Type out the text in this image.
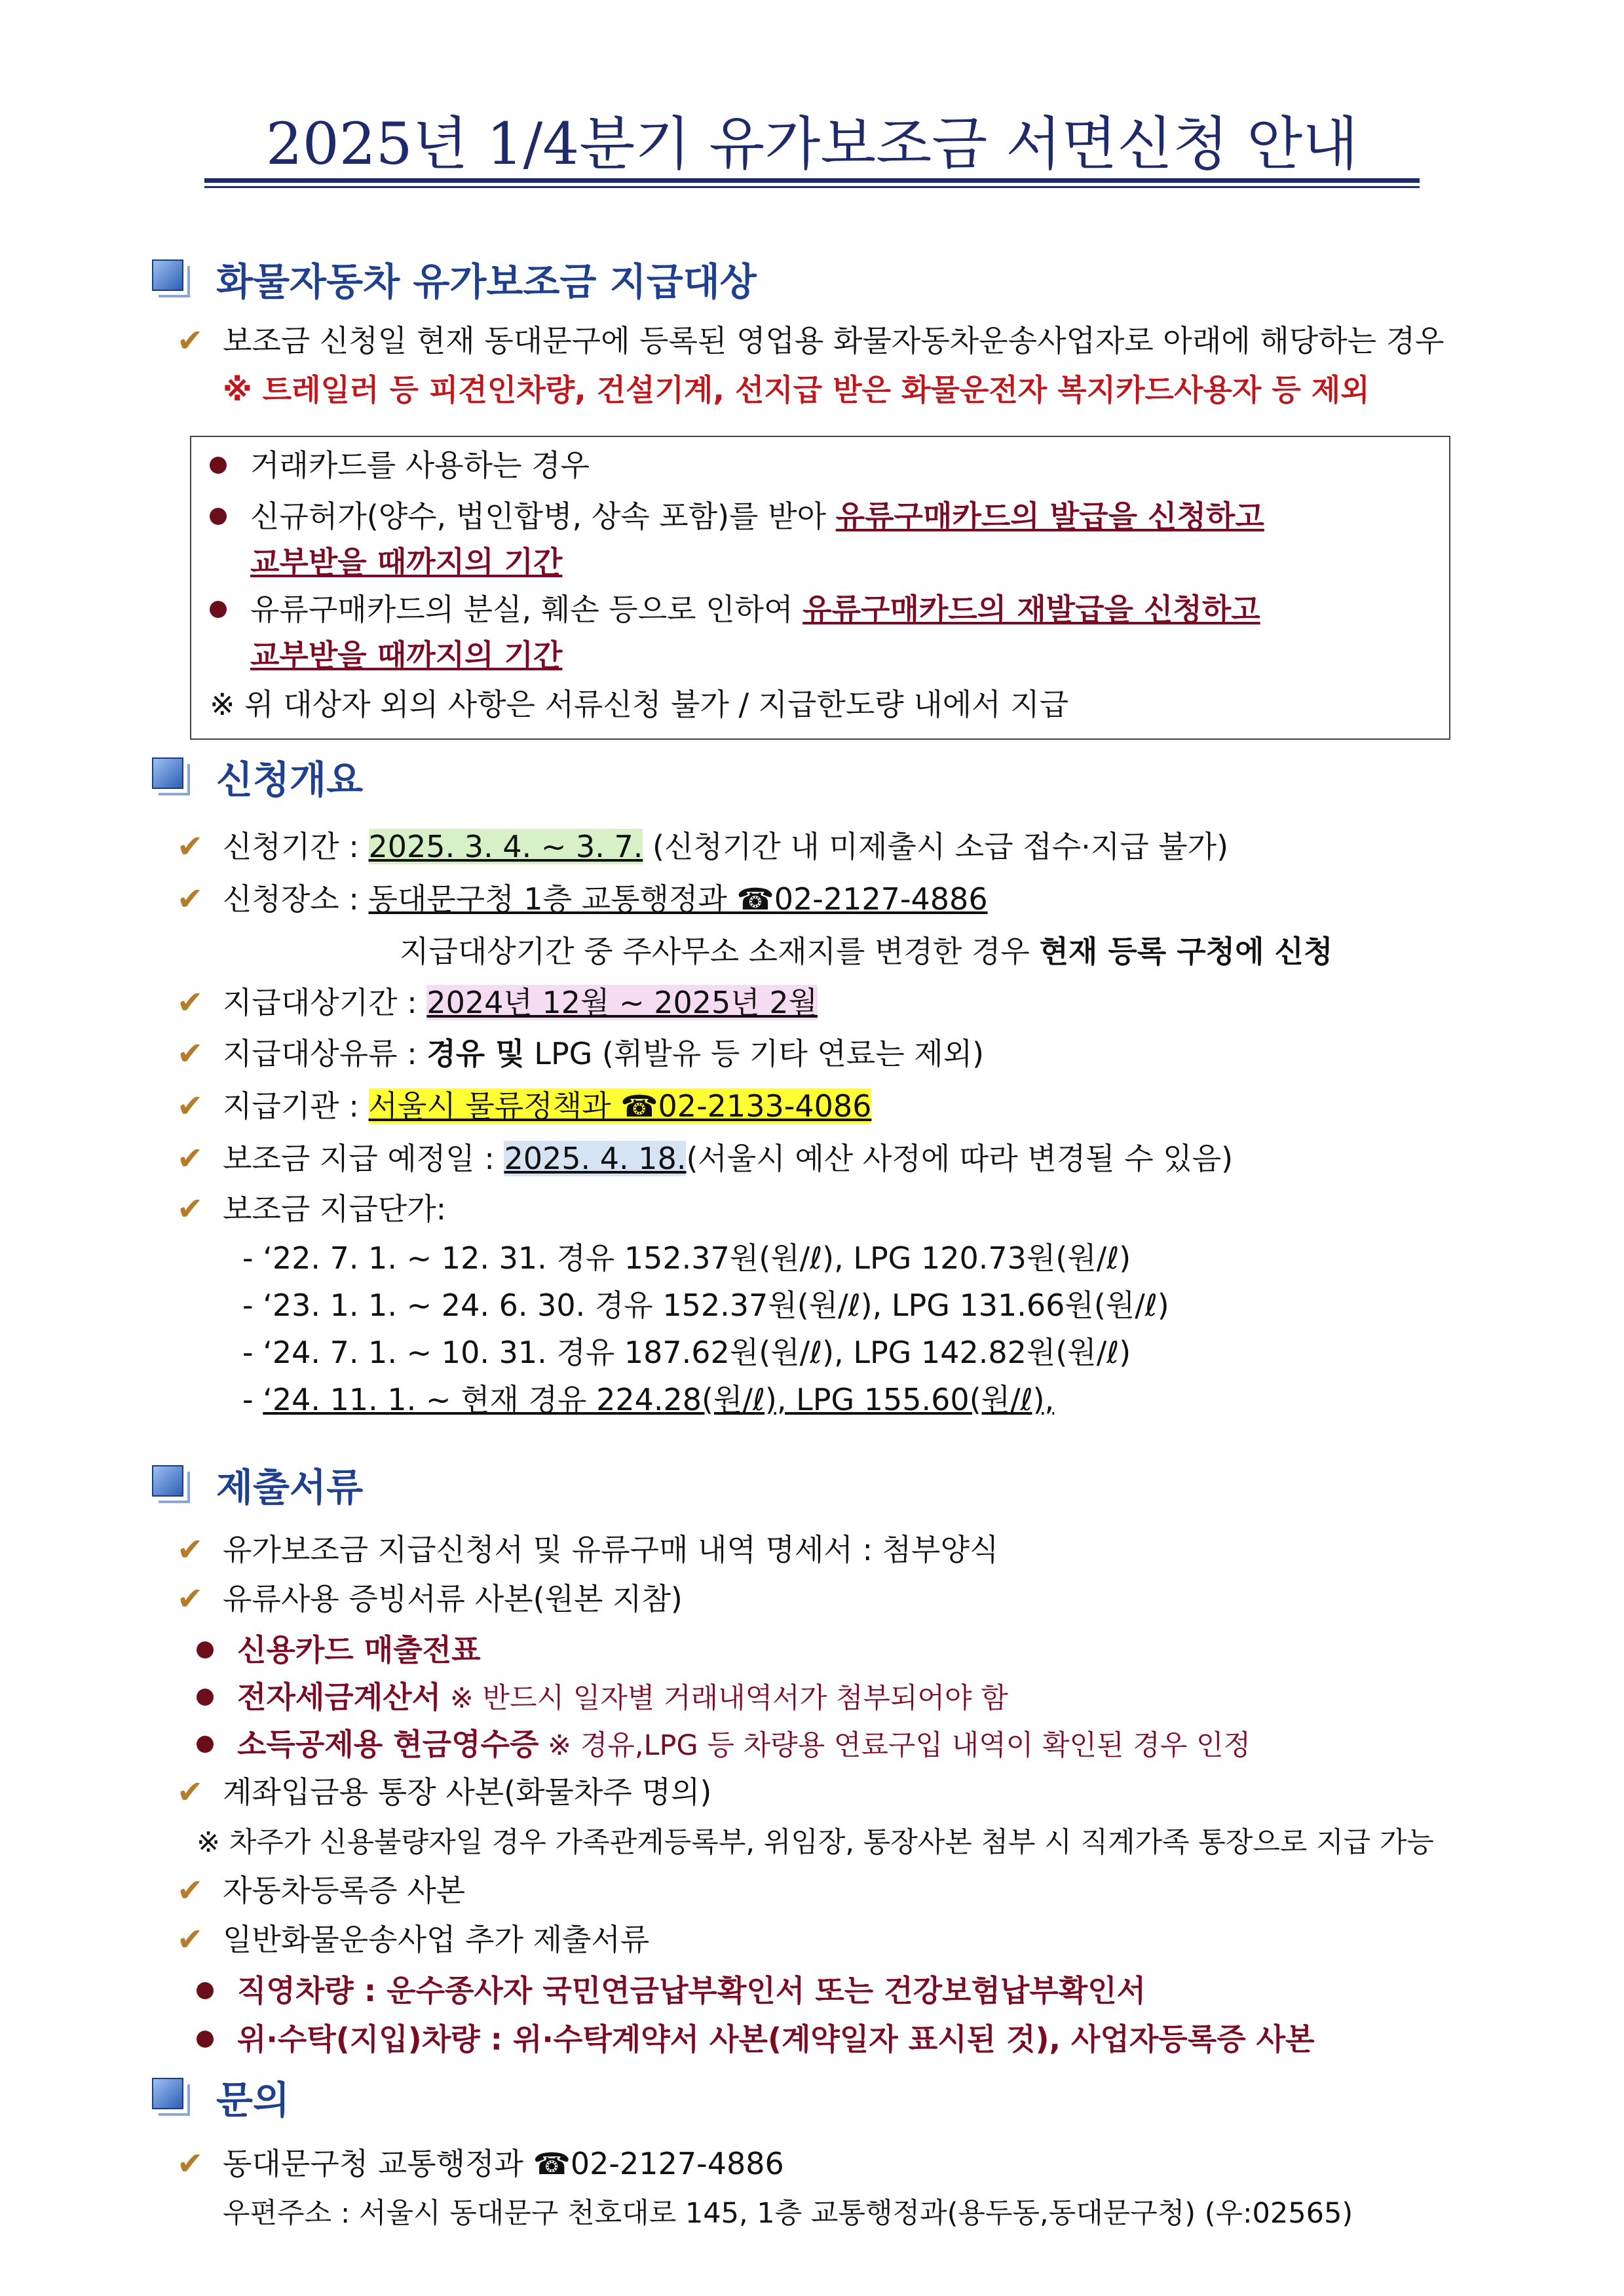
2025년 1/4분기 유가보조금 서면신청 안내
화물자동차 유가보조금 지급대상
✔ 보조금 신청일 현재 동대문구에 등록된 영업용 화물자동차운송사업자로 아래에 해당하는 경우
※ 트레일러 등 피견인차량, 건설기계, 선지급 받은 화물운전자 복지카드사용자 등 제외
거래카드를 사용하는 경우
신규허가(양수, 법인합병, 상속 포함)를 받아 유류구매카드의 발급을 신청하고
교부받을 때까지의 기간
유류구매카드의 분실, 훼손 등으로 인하여 유류구매카드의 재발급을 신청하고
교부받을 때까지의 기간
※ 위 대상자 외의 사항은 서류신청 불가 / 지급한도량 내에서 지급
신청개요
✔ 신청기간 : 2025. 3. 4. ~ 3. 7. (신청기간 내 미제출시 소급 접수·지급 불가)
✔ 신청장소 : 동대문구청 1층 교통행정과 ☎02-2127-4886
지급대상기간 중 주사무소 소재지를 변경한 경우 현재 등록 구청에 신청
✔ 지급대상기간 : 2024년 12월 ~ 2025년 2월
✔ 지급대상유류 : 경유 및 LPG (휘발유 등 기타 연료는 제외)
✔ 지급기관 : 서울시 물류정책과 ☎02-2133-4086
✔ 보조금 지급 예정일 : 2025. 4. 18.(서울시 예산 사정에 따라 변경될 수 있음)
✔ 보조금 지급단가:
- ‘22. 7. 1. ~ 12. 31. 경유 152.37원(원/ℓ), LPG 120.73원(원/ℓ)
- ‘23. 1. 1. ~ 24. 6. 30. 경유 152.37원(원/ℓ), LPG 131.66원(원/ℓ)
- ‘24. 7. 1. ~ 10. 31. 경유 187.62원(원/ℓ), LPG 142.82원(원/ℓ)
- ‘24. 11. 1. ~ 현재 경유 224.28(원/ℓ), LPG 155.60(원/ℓ),
제출서류
✔ 유가보조금 지급신청서 및 유류구매 내역 명세서 : 첨부양식
✔ 유류사용 증빙서류 사본(원본 지참)
신용카드 매출전표
전자세금계산서 ※ 반드시 일자별 거래내역서가 첨부되어야 함
소득공제용 현금영수증 ※ 경유,LPG 등 차량용 연료구입 내역이 확인된 경우 인정
✔ 계좌입금용 통장 사본(화물차주 명의)
※ 차주가 신용불량자일 경우 가족관계등록부, 위임장, 통장사본 첨부 시 직계가족 통장으로 지급 가능
✔ 자동차등록증 사본
✔ 일반화물운송사업 추가 제출서류
직영차량 : 운수종사자 국민연금납부확인서 또는 건강보험납부확인서
위·수탁(지입)차량 : 위·수탁계약서 사본(계약일자 표시된 것), 사업자등록증 사본
문의
✔ 동대문구청 교통행정과 ☎02-2127-4886
우편주소 : 서울시 동대문구 천호대로 145, 1층 교통행정과(용두동,동대문구청) (우:02565)
